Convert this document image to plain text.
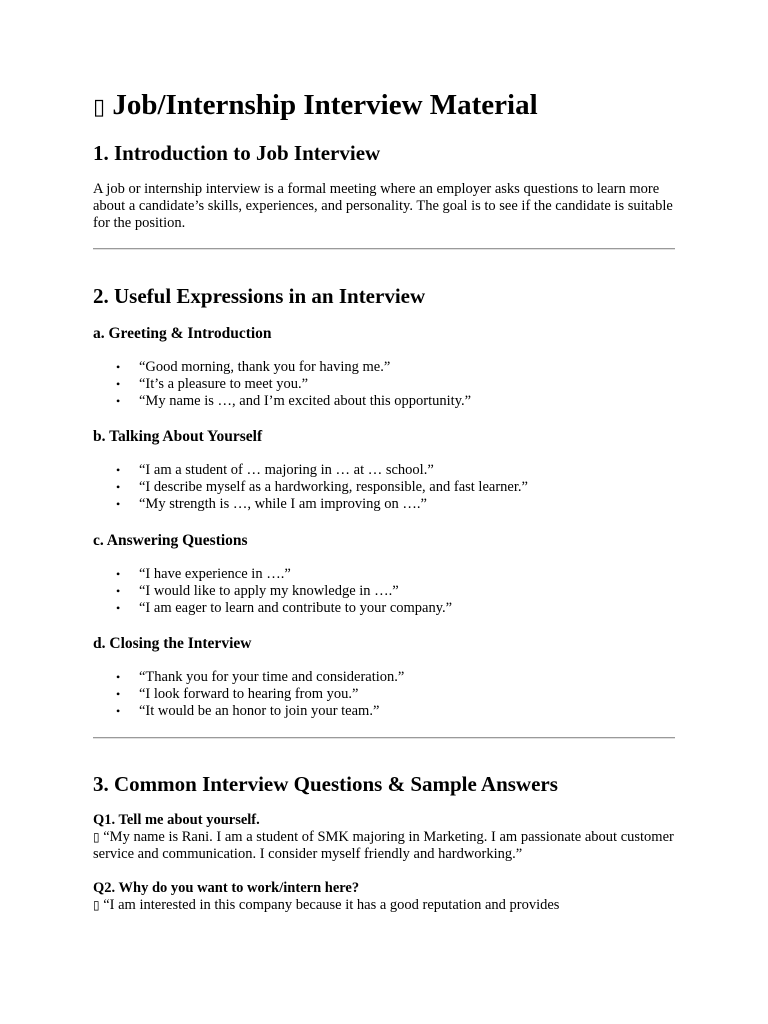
▯ Job/Internship Interview Material
1. Introduction to Job Interview

A job or internship interview is a formal meeting where an employer asks questions to learn more about a candidate’s skills, experiences, and personality. The goal is to see if the candidate is suitable for the position.

2. Useful Expressions in an Interview
a. Greeting & Introduction
• “Good morning, thank you for having me.”
• “It’s a pleasure to meet you.”
• “My name is …, and I’m excited about this opportunity.”
b. Talking About Yourself
• “I am a student of … majoring in … at … school.”
• “I describe myself as a hardworking, responsible, and fast learner.”
• “My strength is …, while I am improving on ….”
c. Answering Questions
• “I have experience in ….”
• “I would like to apply my knowledge in ….”
• “I am eager to learn and contribute to your company.”
d. Closing the Interview
• “Thank you for your time and consideration.”
• “I look forward to hearing from you.”
• “It would be an honor to join your team.”
3. Common Interview Questions & Sample Answers
Q1. Tell me about yourself.
▯ “My name is Rani. I am a student of SMK majoring in Marketing. I am passionate about customer service and communication. I consider myself friendly and hardworking.”
Q2. Why do you want to work/intern here?
▯ “I am interested in this company because it has a good reputation and provides
